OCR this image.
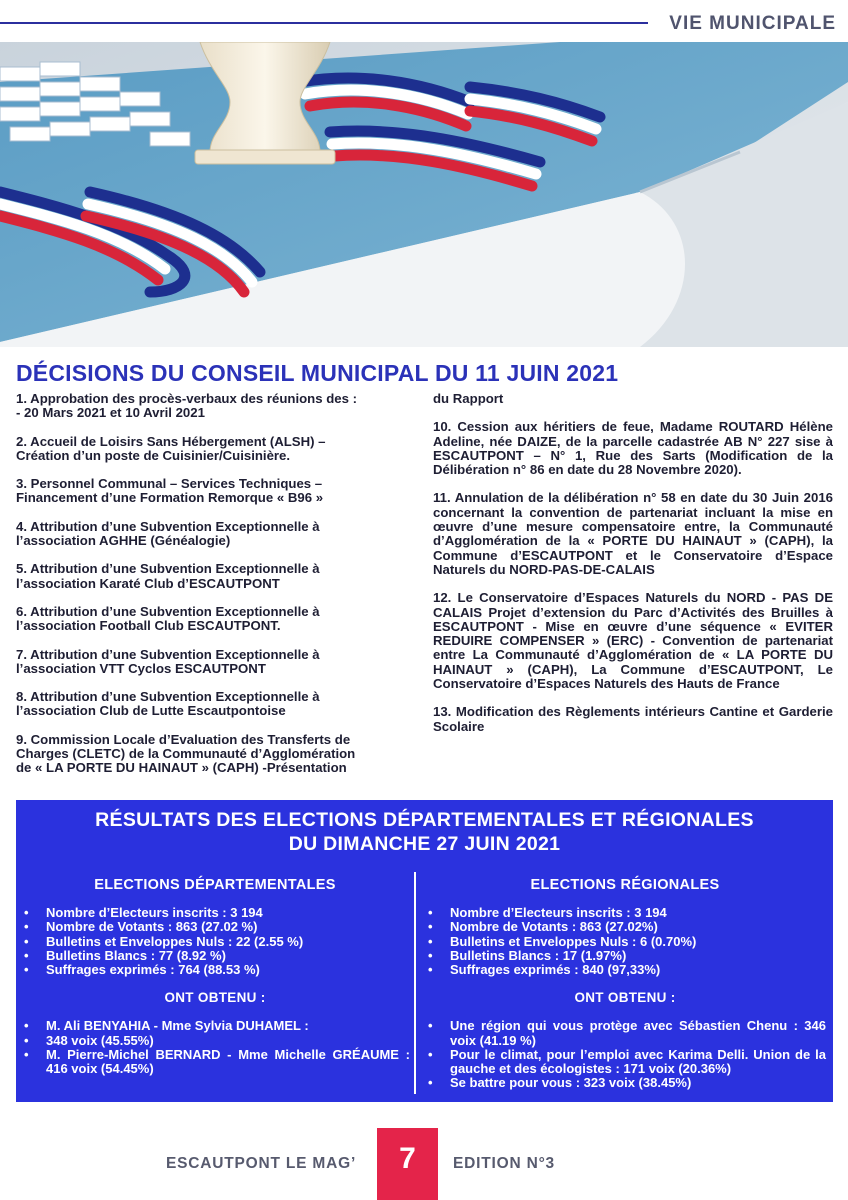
VIE MUNICIPALE
DÉCISIONS DU CONSEIL MUNICIPAL DU 11 JUIN 2021
1. Approbation des procès-verbaux des réunions des :
- 20 Mars 2021 et 10 Avril 2021
2. Accueil de Loisirs Sans Hébergement (ALSH) –
Création d’un poste de Cuisinier/Cuisinière.
3. Personnel Communal – Services Techniques –
Financement d’une Formation Remorque « B96 »
4. Attribution d’une Subvention Exceptionnelle à
l’association AGHHE (Généalogie)
5. Attribution d’une Subvention Exceptionnelle à
l’association Karaté Club d’ESCAUTPONT
6. Attribution d’une Subvention Exceptionnelle à
l’association Football Club ESCAUTPONT.
7. Attribution d’une Subvention Exceptionnelle à
l’association VTT Cyclos ESCAUTPONT
8. Attribution d’une Subvention Exceptionnelle à
l’association Club de Lutte Escautpontoise
9. Commission Locale d’Evaluation des Transferts de
Charges (CLETC) de la Communauté d’Agglomération
de « LA PORTE DU HAINAUT » (CAPH) -Présentation
du Rapport
10. Cession aux héritiers de feue, Madame ROUTARD Hélène Adeline, née DAIZE, de la parcelle cadastrée AB N° 227 sise à ESCAUTPONT – N° 1, Rue des Sarts (Modification de la Délibération n° 86 en date du 28 Novembre 2020).
11. Annulation de la délibération n° 58 en date du 30 Juin 2016 concernant la convention de partenariat incluant la mise en œuvre d’une mesure compensatoire entre, la Communauté d’Agglomération de la « PORTE DU HAINAUT » (CAPH), la Commune d’ESCAUTPONT et le Conservatoire d’Espace Naturels du NORD-PAS-DE-CALAIS
12. Le Conservatoire d’Espaces Naturels du NORD - PAS DE CALAIS Projet d’extension du Parc d’Activités des Bruilles à ESCAUTPONT - Mise en œuvre d’une séquence « EVITER REDUIRE COMPENSER » (ERC) - Convention de partenariat entre La Communauté d’Agglomération de « LA PORTE DU HAINAUT » (CAPH), La Commune d’ESCAUTPONT, Le Conservatoire d’Espaces Naturels des Hauts de France
13. Modification des Règlements intérieurs Cantine et Garderie Scolaire
RÉSULTATS DES ELECTIONS DÉPARTEMENTALES ET RÉGIONALES
DU DIMANCHE 27 JUIN 2021
ELECTIONS DÉPARTEMENTALES
• Nombre d’Electeurs inscrits : 3 194
• Nombre de Votants : 863 (27.02 %)
• Bulletins et Enveloppes Nuls : 22 (2.55 %)
• Bulletins Blancs : 77 (8.92 %)
• Suffrages exprimés : 764 (88.53 %)
ONT OBTENU :
• M. Ali BENYAHIA - Mme Sylvia DUHAMEL :
• 348 voix (45.55%)
• M. Pierre-Michel BERNARD - Mme Michelle GRÉAUME : 416 voix (54.45%)
ELECTIONS RÉGIONALES
• Nombre d’Electeurs inscrits : 3 194
• Nombre de Votants : 863 (27.02%)
• Bulletins et Enveloppes Nuls : 6 (0.70%)
• Bulletins Blancs : 17 (1.97%)
• Suffrages exprimés : 840 (97,33%)
ONT OBTENU :
• Une région qui vous protège avec Sébastien Chenu : 346 voix (41.19 %)
• Pour le climat, pour l’emploi avec Karima Delli. Union de la gauche et des écologistes : 171 voix (20.36%)
• Se battre pour vous : 323 voix (38.45%)
ESCAUTPONT LE MAG’	7	EDITION N°3
